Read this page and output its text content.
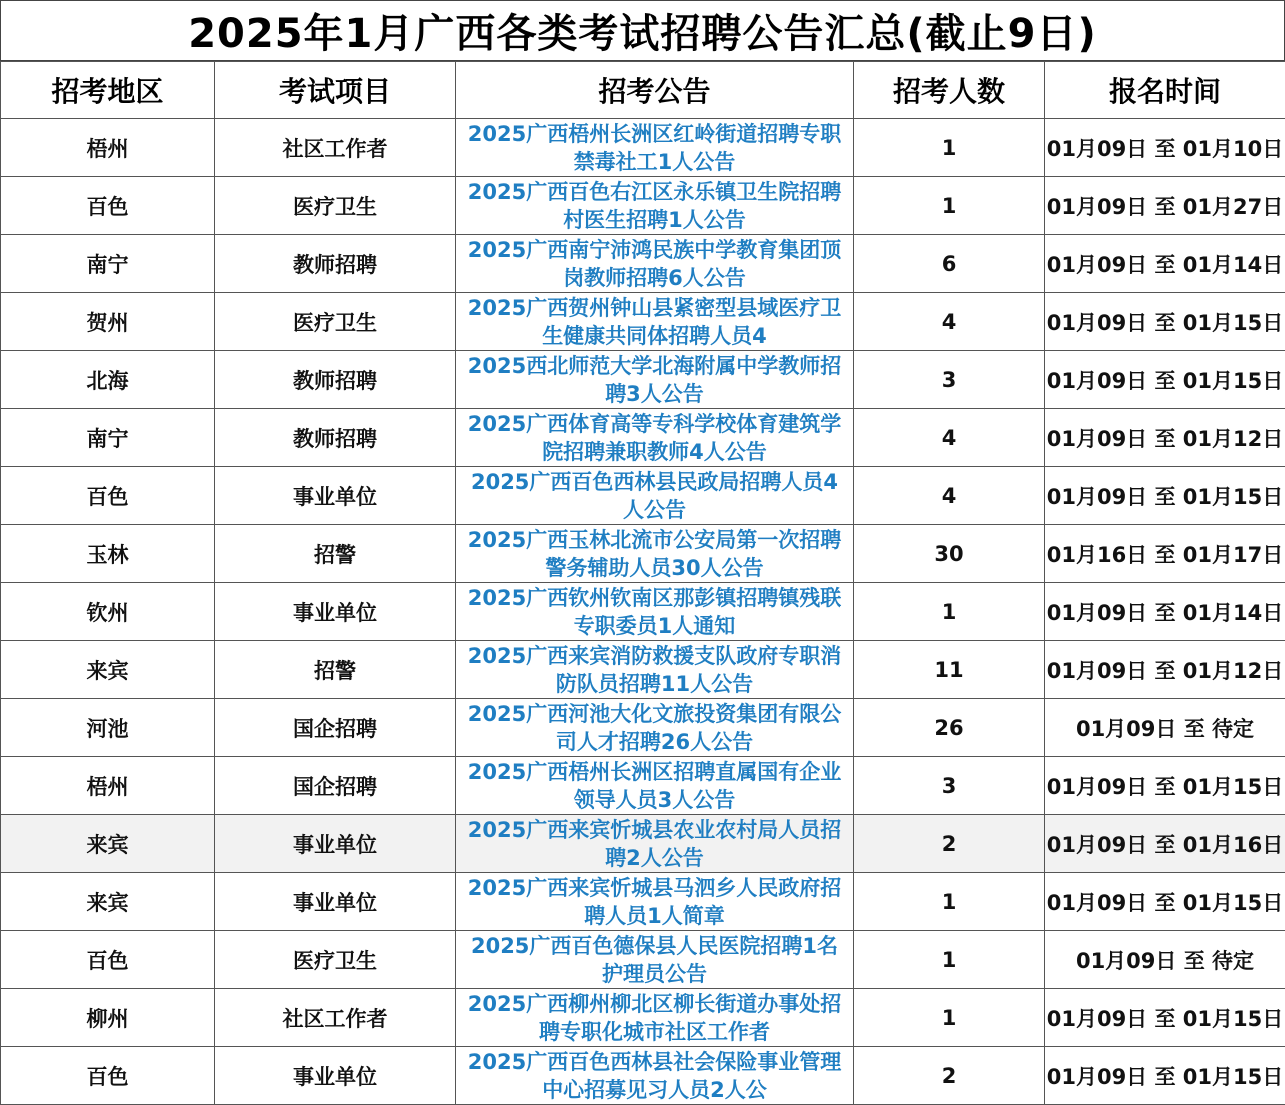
2025年1月广西各类考试招聘公告汇总(截止9日)
招考地区	考试项目	招考公告	招考人数	报名时间
梧州	社区工作者	2025广西梧州长洲区红岭街道招聘专职禁毒社工1人公告	1	01月09日 至 01月10日
百色	医疗卫生	2025广西百色右江区永乐镇卫生院招聘村医生招聘1人公告	1	01月09日 至 01月27日
南宁	教师招聘	2025广西南宁沛鸿民族中学教育集团顶岗教师招聘6人公告	6	01月09日 至 01月14日
贺州	医疗卫生	2025广西贺州钟山县紧密型县域医疗卫生健康共同体招聘人员4	4	01月09日 至 01月15日
北海	教师招聘	2025西北师范大学北海附属中学教师招聘3人公告	3	01月09日 至 01月15日
南宁	教师招聘	2025广西体育高等专科学校体育建筑学院招聘兼职教师4人公告	4	01月09日 至 01月12日
百色	事业单位	2025广西百色西林县民政局招聘人员4人公告	4	01月09日 至 01月15日
玉林	招警	2025广西玉林北流市公安局第一次招聘警务辅助人员30人公告	30	01月16日 至 01月17日
钦州	事业单位	2025广西钦州钦南区那彭镇招聘镇残联专职委员1人通知	1	01月09日 至 01月14日
来宾	招警	2025广西来宾消防救援支队政府专职消防队员招聘11人公告	11	01月09日 至 01月12日
河池	国企招聘	2025广西河池大化文旅投资集团有限公司人才招聘26人公告	26	01月09日 至 待定
梧州	国企招聘	2025广西梧州长洲区招聘直属国有企业领导人员3人公告	3	01月09日 至 01月15日
来宾	事业单位	2025广西来宾忻城县农业农村局人员招聘2人公告	2	01月09日 至 01月16日
来宾	事业单位	2025广西来宾忻城县马泗乡人民政府招聘人员1人简章	1	01月09日 至 01月15日
百色	医疗卫生	2025广西百色德保县人民医院招聘1名护理员公告	1	01月09日 至 待定
柳州	社区工作者	2025广西柳州柳北区柳长街道办事处招聘专职化城市社区工作者	1	01月09日 至 01月15日
百色	事业单位	2025广西百色西林县社会保险事业管理中心招募见习人员2人公	2	01月09日 至 01月15日
